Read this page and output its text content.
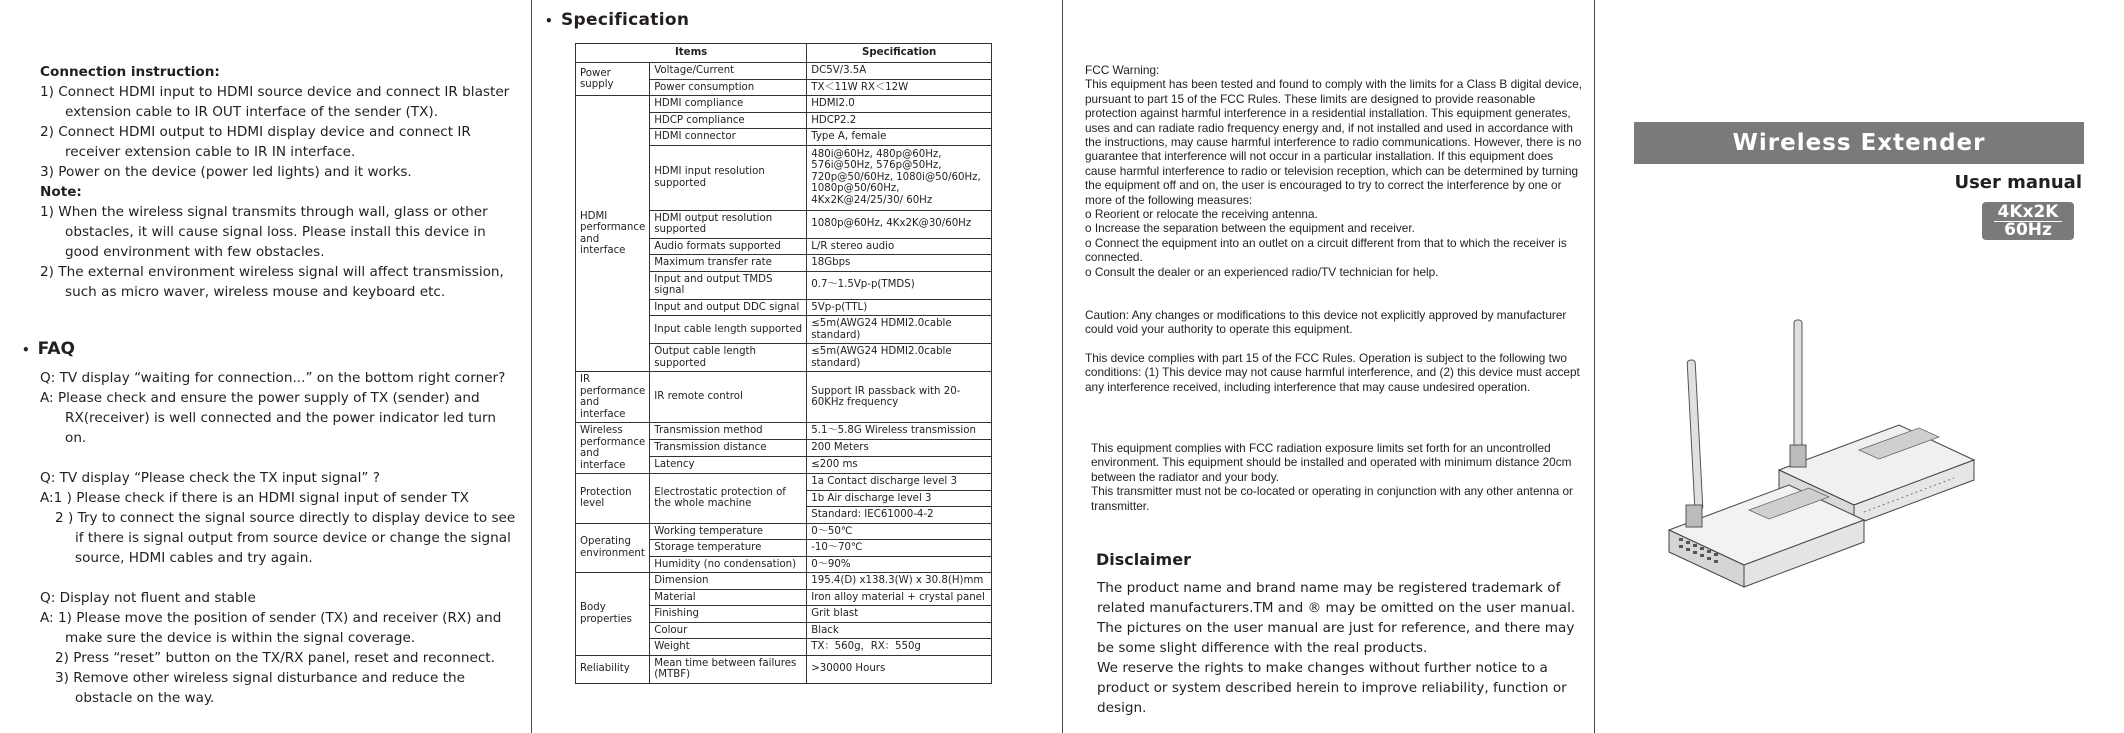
Connection instruction:
1) Connect HDMI input to HDMI source device and connect IR blaster extension cable to IR OUT interface of the sender (TX).
2) Connect HDMI output to HDMI display device and connect IR receiver extension cable to IR IN interface.
3) Power on the device (power led lights) and it works.
Note:
1) When the wireless signal transmits through wall, glass or other obstacles, it will cause signal loss. Please install this device in good environment with few obstacles.
2) The external environment wireless signal will affect transmission, such as micro waver, wireless mouse and keyboard etc.
• FAQ
Q: TV display “waiting for connection...” on the bottom right corner?
A: Please check and ensure the power supply of TX (sender) and RX(receiver) is well connected and the power indicator led turn on.
Q: TV display “Please check the TX input signal” ?
A:1 ) Please check if there is an HDMI signal input of sender TX
2 ) Try to connect the signal source directly to display device to see if there is signal output from source device or change the signal source, HDMI cables and try again.
Q: Display not fluent and stable
A: 1) Please move the position of sender (TX) and receiver (RX) and make sure the device is within the signal coverage.
2) Press “reset” button on the TX/RX panel, reset and reconnect.
3) Remove other wireless signal disturbance and reduce the obstacle on the way.
• Specification
Items		Specification
Power supply	Voltage/Current	DC5V/3.5A
	Power consumption	TX＜11W RX＜12W
HDMI performance and interface	HDMI compliance	HDMI2.0
	HDCP compliance	HDCP2.2
	HDMI connector	Type A, female
	HDMI input resolution supported	480i@60Hz, 480p@60Hz, 576i@50Hz, 576p@50Hz, 720p@50/60Hz, 1080i@50/60Hz, 1080p@50/60Hz, 4Kx2K@24/25/30/ 60Hz
	HDMI output resolution supported	1080p@60Hz, 4Kx2K@30/60Hz
	Audio formats supported	L/R stereo audio
	Maximum transfer rate	18Gbps
	Input and output TMDS signal	0.7～1.5Vp-p(TMDS)
	Input and output DDC signal	5Vp-p(TTL)
	Input cable length supported	≤5m(AWG24 HDMI2.0cable standard)
	Output cable length supported	≤5m(AWG24 HDMI2.0cable standard)
IR performance and interface	IR remote control	Support IR passback with 20-60KHz frequency
Wireless performance and interface	Transmission method	5.1～5.8G Wireless transmission
	Transmission distance	200 Meters
	Latency	≤200 ms
Protection level	Electrostatic protection of the whole machine	1a Contact discharge level 3
		1b Air discharge level 3
		Standard: IEC61000-4-2
Operating environment	Working temperature	0～50℃
	Storage temperature	-10～70℃
	Humidity (no condensation)	0～90%
Body properties	Dimension	195.4(D) x138.3(W) x 30.8(H)mm
	Material	Iron alloy material + crystal panel
	Finishing	Grit blast
	Colour	Black
	Weight	TX：560g，RX：550g
Reliability	Mean time between failures (MTBF)	>30000 Hours
FCC Warning:
This equipment has been tested and found to comply with the limits for a Class B digital device, pursuant to part 15 of the FCC Rules. These limits are designed to provide reasonable protection against harmful interference in a residential installation. This equipment generates, uses and can radiate radio frequency energy and, if not installed and used in accordance with the instructions, may cause harmful interference to radio communications. However, there is no guarantee that interference will not occur in a particular installation. If this equipment does cause harmful interference to radio or television reception, which can be determined by turning the equipment off and on, the user is encouraged to try to correct the interference by one or more of the following measures:
o Reorient or relocate the receiving antenna.
o Increase the separation between the equipment and receiver.
o Connect the equipment into an outlet on a circuit different from that to which the receiver is connected.
o Consult the dealer or an experienced radio/TV technician for help.
Caution: Any changes or modifications to this device not explicitly approved by manufacturer could void your authority to operate this equipment.
This device complies with part 15 of the FCC Rules. Operation is subject to the following two conditions: (1) This device may not cause harmful interference, and (2) this device must accept any interference received, including interference that may cause undesired operation.
This equipment complies with FCC radiation exposure limits set forth for an uncontrolled environment. This equipment should be installed and operated with minimum distance 20cm between the radiator and your body.
This transmitter must not be co-located or operating in conjunction with any other antenna or transmitter.
Disclaimer
The product name and brand name may be registered trademark of related manufacturers.TM and ® may be omitted on the user manual. The pictures on the user manual are just for reference, and there may be some slight difference with the real products.
We reserve the rights to make changes without further notice to a product or system described herein to improve reliability, function or design.
Wireless Extender
User manual
4Kx2K
60Hz
